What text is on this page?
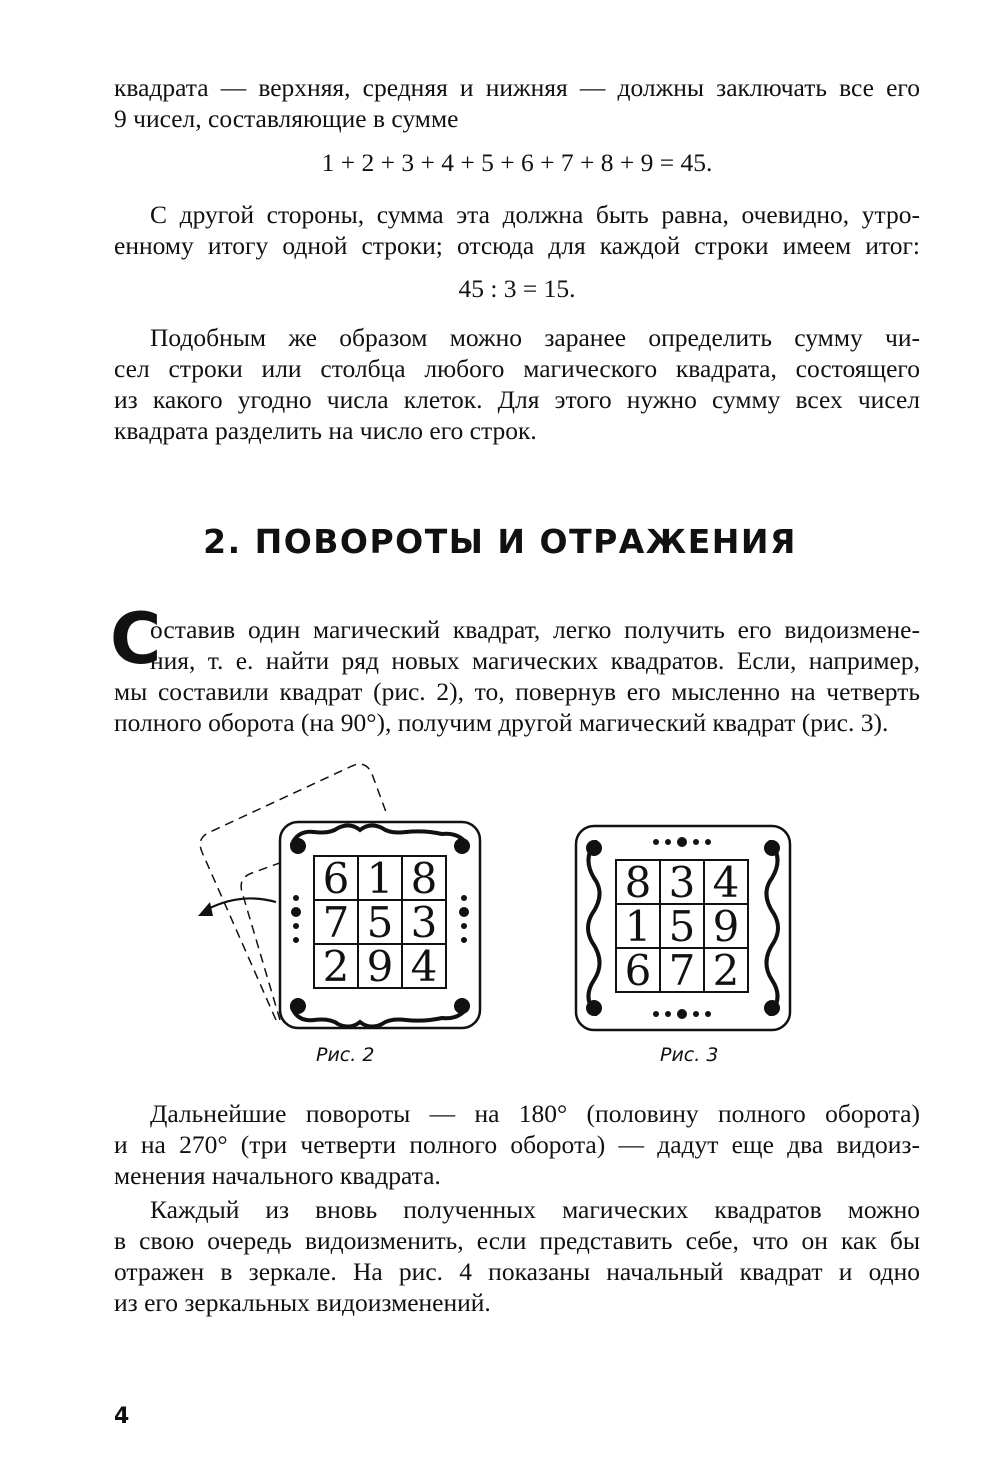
квадрата — верхняя, средняя и нижняя — должны заключать все его
9 чисел, составляющие в сумме
1 + 2 + 3 + 4 + 5 + 6 + 7 + 8 + 9 = 45.
С другой стороны, сумма эта должна быть равна, очевидно, утро-
енному итогу одной строки; отсюда для каждой строки имеем итог:
45 : 3 = 15.
Подобным же образом можно заранее определить сумму чи-
сел строки или столбца любого магического квадрата, состоящего
из какого угодно числа клеток. Для этого нужно сумму всех чисел
квадрата разделить на число его строк.
2. ПОВОРОТЫ И ОТРАЖЕНИЯ
С
оставив один магический квадрат, легко получить его видоизмене-
ния, т. е. найти ряд новых магических квадратов. Если, например,
мы составили квадрат (рис. 2), то, повернув его мысленно на четверть
полного оборота (на 90°), получим другой магический квадрат (рис. 3).
6 1 8
7 5 3
2 9 4
Рис. 2
8 3 4
1 5 9
6 7 2
Рис. 3
Дальнейшие повороты — на 180° (половину полного оборота)
и на 270° (три четверти полного оборота) — дадут еще два видоиз-
менения начального квадрата.
Каждый из вновь полученных магических квадратов можно
в свою очередь видоизменить, если представить себе, что он как бы
отражен в зеркале. На рис. 4 показаны начальный квадрат и одно
из его зеркальных видоизменений.
4
